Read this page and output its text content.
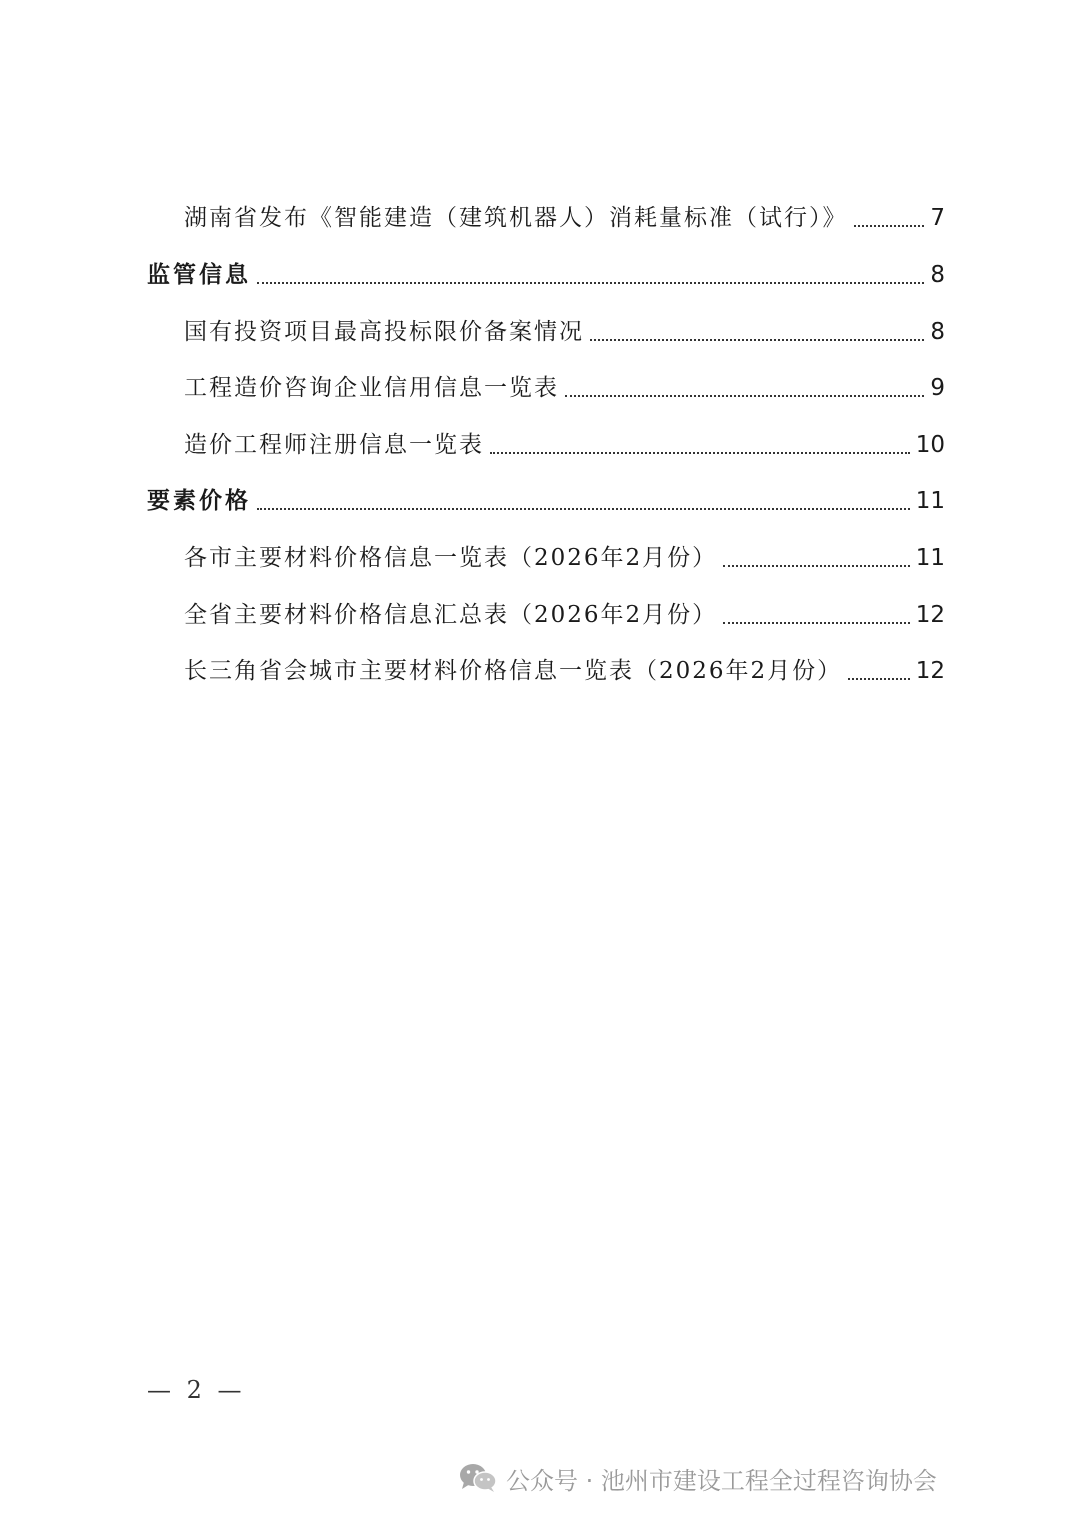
湖南省发布《智能建造（建筑机器人）消耗量标准（试行）》	7
监管信息	8
国有投资项目最高投标限价备案情况	8
工程造价咨询企业信用信息一览表	9
造价工程师注册信息一览表	10
要素价格	11
各市主要材料价格信息一览表（2026年2月份）	11
全省主要材料价格信息汇总表（2026年2月份）	12
长三角省会城市主要材料价格信息一览表（2026年2月份）	12
— 2 —
公众号 · 池州市建设工程全过程咨询协会
